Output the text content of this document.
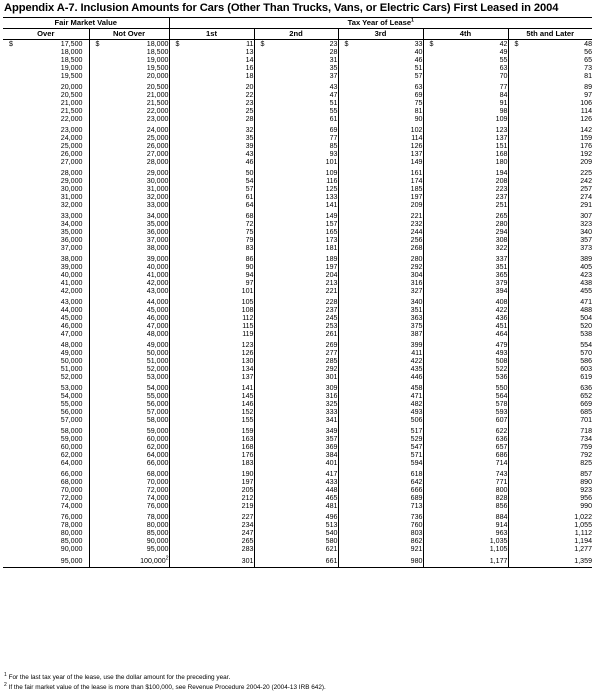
Appendix A-7. Inclusion Amounts for Cars (Other Than Trucks, Vans, or Electric Cars) First Leased in 2004
Fair Market Value		Tax Year of Lease$^1$
Over	Not Over	1st	2nd	3rd	4th	5th and Later

$ 17,500	$ 18,000	$ 11	$ 23	$ 33	$ 42	$ 48
18,000	18,500	13	28	40	49	56
18,500	19,000	14	31	46	55	65
19,000	19,500	16	35	51	63	73
19,500	20,000	18	37	57	70	81
20,000	20,500	20	43	63	77	89
20,500	21,000	22	47	69	84	97
21,000	21,500	23	51	75	91	106
21,500	22,000	25	55	81	98	114
22,000	23,000	28	61	90	109	126
23,000	24,000	32	69	102	123	142
24,000	25,000	35	77	114	137	159
25,000	26,000	39	85	126	151	176
26,000	27,000	43	93	137	168	192
27,000	28,000	46	101	149	180	209
28,000	29,000	50	109	161	194	225
29,000	30,000	54	116	174	208	242
30,000	31,000	57	125	185	223	257
31,000	32,000	61	133	197	237	274
32,000	33,000	64	141	209	251	291
33,000	34,000	68	149	221	265	307
34,000	35,000	72	157	232	280	323
35,000	36,000	75	165	244	294	340
36,000	37,000	79	173	256	308	357
37,000	38,000	83	181	268	322	373
38,000	39,000	86	189	280	337	389
39,000	40,000	90	197	292	351	405
40,000	41,000	94	204	304	365	423
41,000	42,000	97	213	316	379	438
42,000	43,000	101	221	327	394	455
43,000	44,000	105	228	340	408	471
44,000	45,000	108	237	351	422	488
45,000	46,000	112	245	363	436	504
46,000	47,000	115	253	375	451	520
47,000	48,000	119	261	387	464	538
48,000	49,000	123	269	399	479	554
49,000	50,000	126	277	411	493	570
50,000	51,000	130	285	422	508	586
51,000	52,000	134	292	435	522	603
52,000	53,000	137	301	446	536	619
53,000	54,000	141	309	458	550	636
54,000	55,000	145	316	471	564	652
55,000	56,000	146	325	482	578	669
56,000	57,000	152	333	493	593	685
57,000	58,000	155	341	506	607	701
58,000	59,000	159	349	517	622	718
59,000	60,000	163	357	529	636	734
60,000	62,000	168	369	547	657	759
62,000	64,000	176	384	571	686	792
64,000	66,000	183	401	594	714	825
66,000	68,000	190	417	618	743	857
68,000	70,000	197	433	642	771	890
70,000	72,000	205	448	666	800	923
72,000	74,000	212	465	689	828	956
74,000	76,000	219	481	713	856	990
76,000	78,000	227	496	736	884	1,022
78,000	80,000	234	513	760	914	1,055
80,000	85,000	247	540	803	963	1,112
85,000	90,000	265	580	862	1,035	1,194
90,000	95,000	283	621	921	1,105	1,277
95,000	100,000$^2$	301	661	980	1,177	1,359
$^1$ For the last tax year of the lease, use the dollar amount for the preceding year.
$^2$ If the fair market value of the lease is more than $100,000, see Revenue Procedure 2004-20 (2004-13 IRB 642).
